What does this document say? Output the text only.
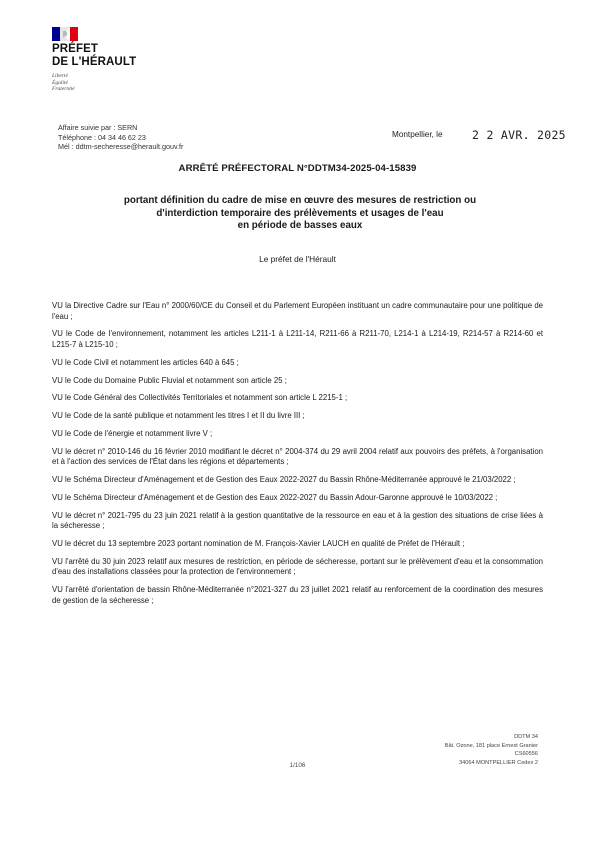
PRÉFET
DE L'HÉRAULT
Liberté
Égalité
Fraternité
Affaire suivie par : SERN
Téléphone : 04 34 46 62 23
Mél : ddtm-secheresse@herault.gouv.fr
Montpellier, le	2 2 AVR. 2025
ARRÊTÉ PRÉFECTORAL N°DDTM34-2025-04-15839
portant définition du cadre de mise en œuvre des mesures de restriction ou
d'interdiction temporaire des prélèvements et usages de l'eau
en période de basses eaux
Le préfet de l'Hérault

VU la Directive Cadre sur l'Eau n° 2000/60/CE du Conseil et du Parlement Européen instituant un cadre communautaire pour une politique de l'eau ;

VU le Code de l'environnement, notamment les articles L211-1 à L211-14, R211-66 à R211-70, L214-1 à L214-19, R214-57 à R214-60 et L215-7 à L215-10 ;

VU le Code Civil et notamment les articles 640 à 645 ;

VU le Code du Domaine Public Fluvial et notamment son article 25 ;

VU le Code Général des Collectivités Territoriales et notamment son article L 2215-1 ;

VU le Code de la santé publique et notamment les titres I et II du livre III ;

VU le Code de l'énergie et notamment livre V ;

VU le décret n° 2010-146 du 16 février 2010 modifiant le décret n° 2004-374 du 29 avril 2004 relatif aux pouvoirs des préfets, à l'organisation et à l'action des services de l'État dans les régions et départements ;

VU le Schéma Directeur d'Aménagement et de Gestion des Eaux 2022-2027 du Bassin Rhône-Méditerranée approuvé le 21/03/2022 ;

VU le Schéma Directeur d'Aménagement et de Gestion des Eaux 2022-2027 du Bassin Adour-Garonne approuvé le 10/03/2022 ;

VU le décret n° 2021-795 du 23 juin 2021 relatif à la gestion quantitative de la ressource en eau et à la gestion des situations de crise liées à la sécheresse ;

VU le décret du 13 septembre 2023 portant nomination de M. François-Xavier LAUCH en qualité de Préfet de l'Hérault ;

VU l'arrêté du 30 juin 2023 relatif aux mesures de restriction, en période de sécheresse, portant sur le prélèvement d'eau et la consommation d'eau des installations classées pour la protection de l'environnement ;

VU l'arrêté d'orientation de bassin Rhône-Méditerranée n°2021-327 du 23 juillet 2021 relatif au renforcement de la coordination des mesures de gestion de la sécheresse ;

DDTM 34
Bât. Ozone, 181 place Ernest Granier
CS60556
34064 MONTPELLIER Cedex 2
1/106
